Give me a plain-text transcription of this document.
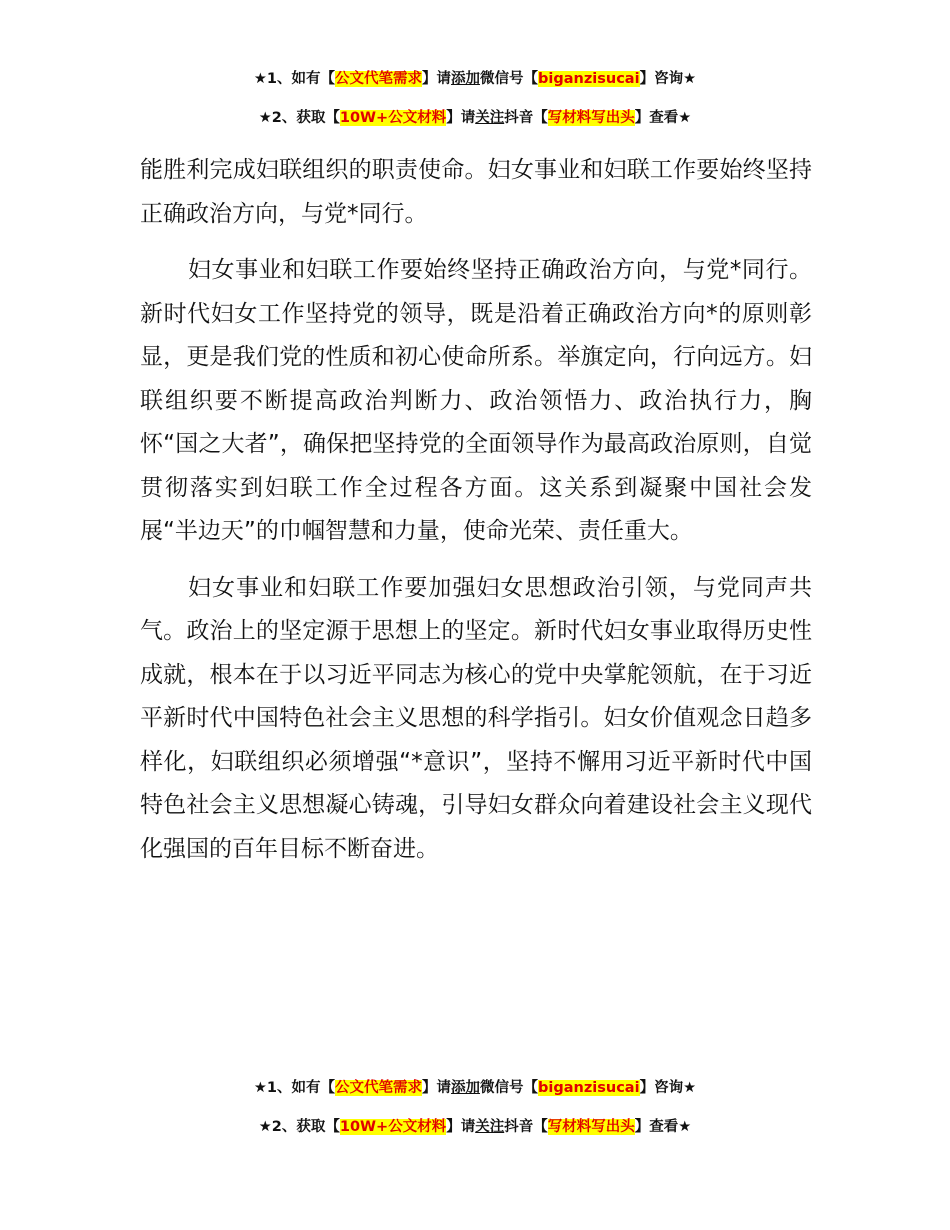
★1、如有【公文代笔需求】请添加微信号【biganzisucai】咨询★
★2、获取【10W+公文材料】请关注抖音【写材料写出头】查看★

能胜利完成妇联组织的职责使命。妇女事业和妇联工作要始终坚持正确政治方向，与党*同行。

妇女事业和妇联工作要始终坚持正确政治方向，与党*同行。新时代妇女工作坚持党的领导，既是沿着正确政治方向*的原则彰显，更是我们党的性质和初心使命所系。举旗定向，行向远方。妇联组织要不断提高政治判断力、政治领悟力、政治执行力，胸怀“国之大者”，确保把坚持党的全面领导作为最高政治原则，自觉贯彻落实到妇联工作全过程各方面。这关系到凝聚中国社会发展“半边天”的巾帼智慧和力量，使命光荣、责任重大。

妇女事业和妇联工作要加强妇女思想政治引领，与党同声共气。政治上的坚定源于思想上的坚定。新时代妇女事业取得历史性成就，根本在于以习近平同志为核心的党中央掌舵领航，在于习近平新时代中国特色社会主义思想的科学指引。妇女价值观念日趋多样化，妇联组织必须增强“*意识”，坚持不懈用习近平新时代中国特色社会主义思想凝心铸魂，引导妇女群众向着建设社会主义现代化强国的百年目标不断奋进。

★1、如有【公文代笔需求】请添加微信号【biganzisucai】咨询★
★2、获取【10W+公文材料】请关注抖音【写材料写出头】查看★
